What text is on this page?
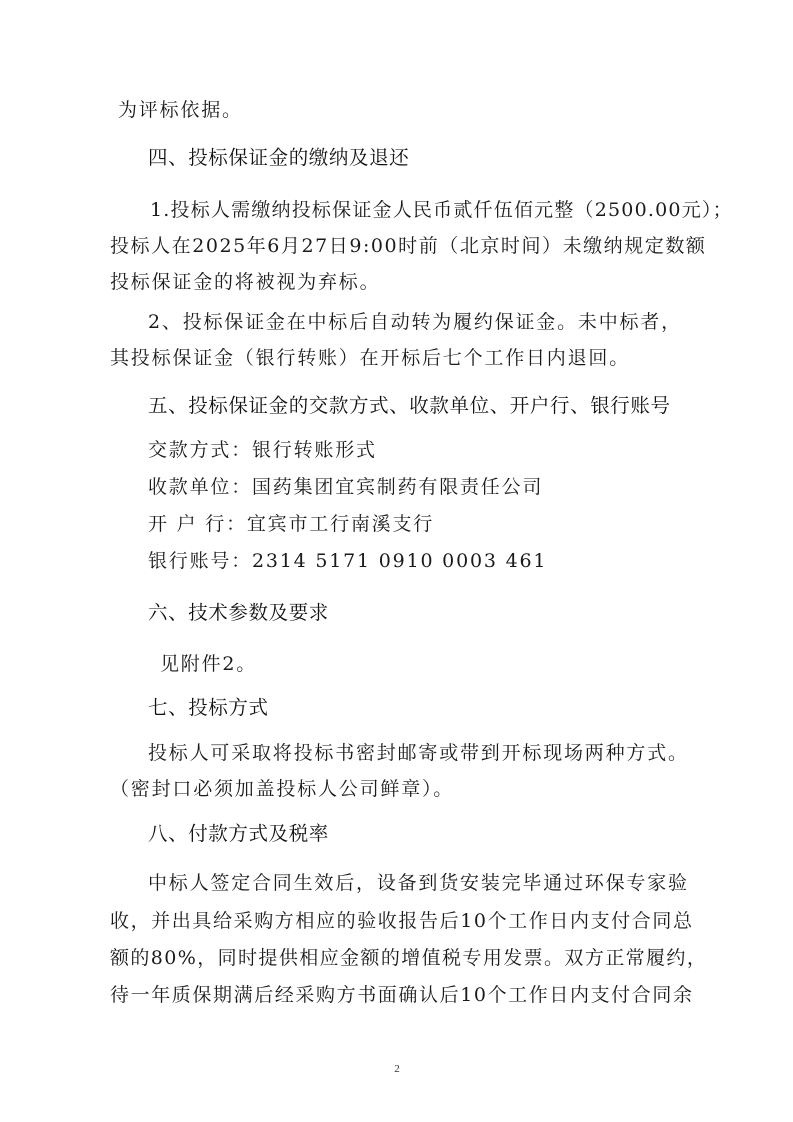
为评标依据。
四、投标保证金的缴纳及退还
1.投标人需缴纳投标保证金人民币贰仟伍佰元整（2500.00元）；
投标人在2025年6月27日9:00时前（北京时间）未缴纳规定数额
投标保证金的将被视为弃标。
2、投标保证金在中标后自动转为履约保证金。未中标者，
其投标保证金（银行转账）在开标后七个工作日内退回。
五、投标保证金的交款方式、收款单位、开户行、银行账号
交款方式：银行转账形式
收款单位：国药集团宜宾制药有限责任公司
开 户 行：宜宾市工行南溪支行
银行账号：2314 5171 0910 0003 461
六、技术参数及要求
见附件2。
七、投标方式
投标人可采取将投标书密封邮寄或带到开标现场两种方式。
（密封口必须加盖投标人公司鲜章）。
八、付款方式及税率
中标人签定合同生效后，设备到货安装完毕通过环保专家验
收，并出具给采购方相应的验收报告后10个工作日内支付合同总
额的80%，同时提供相应金额的增值税专用发票。双方正常履约，
待一年质保期满后经采购方书面确认后10个工作日内支付合同余
2
